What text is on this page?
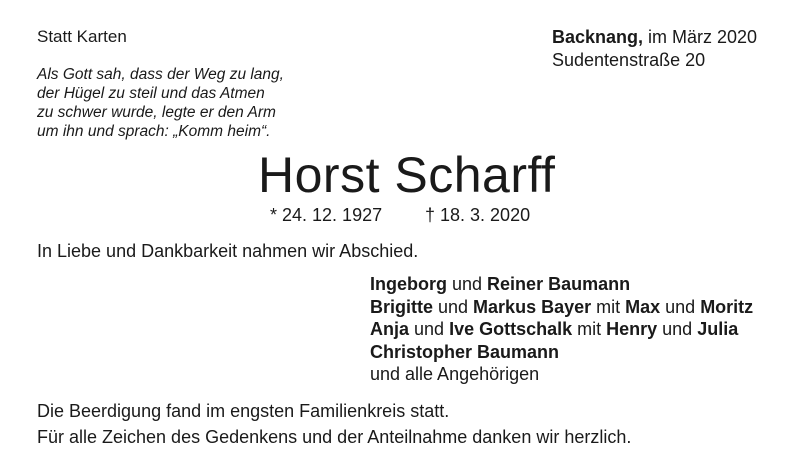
Statt Karten	Backnang, im März 2020
Sudentenstraße 20
Als Gott sah, dass der Weg zu lang,
der Hügel zu steil und das Atmen
zu schwer wurde, legte er den Arm
um ihn und sprach: „Komm heim“.
Horst Scharff
* 24. 12. 1927 † 18. 3. 2020
In Liebe und Dankbarkeit nahmen wir Abschied.
Ingeborg und Reiner Baumann
Brigitte und Markus Bayer mit Max und Moritz
Anja und Ive Gottschalk mit Henry und Julia
Christopher Baumann
und alle Angehörigen
Die Beerdigung fand im engsten Familienkreis statt.
Für alle Zeichen des Gedenkens und der Anteilnahme danken wir herzlich.
